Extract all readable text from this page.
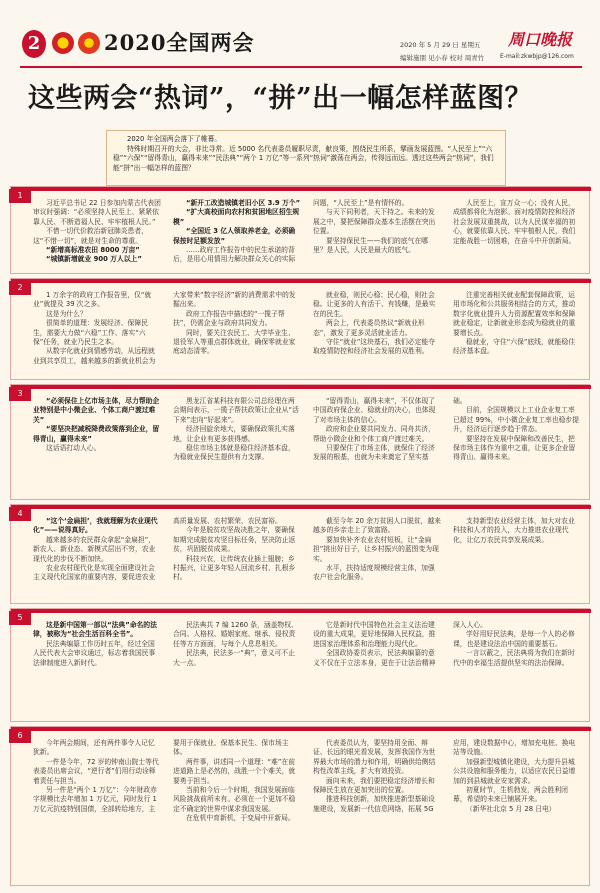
2	2020全国两会	2020 年 5 月 29 日 星期五
编辑施朋 见小春 校对 周青竹
周口晚报
E-mail:zkwbjp@126.com
这些两会“热词”，“拼”出一幅怎样蓝图？

2020 年全国两会落下了帷幕。

特殊时期召开的大会，非比寻常。近 5000 名代表委员履职尽责，献良策，围绕民生所系，擘画发展蓝图。“人民至上”“六稳”“六保”“留得青山，赢得未来”“民法典”“两个 1 万亿”等一系列“热词”激荡在两会，传得远而远。透过这些两会“热词”，我们能“拼”出一幅怎样的蓝图？

1

习近平总书记 22 日参加内蒙古代表团审议时强调：“必须坚持人民至上、紧紧依靠人民、不断造福人民、牢牢植根人民。”

不惜一切代价救治新冠肺炎患者，这“不惜一切”，就是对生命的尊重。

“新增高标准农田 8000 万亩”

“城镇新增就业 900 万人以上”

“新开工改造城镇老旧小区 3.9 万个”

“扩大高校面向农村和贫困地区招生规模”

“全国近 3 亿人领取养老金，必须确保按时足额发放”

……政府工作报告中的民生承诺的背后，是用心用情用力解决群众关心的实际问题，“人民至上”是有情怀的。

与天下同利者，天下持之。未来的发展之中，要把保障群众基本生活摆在突出位置。

要坚持保民生——我们的底气在哪里？是人民，人民是最大的底气。

人民至上，宣万众一心；没有人民，成绩都将化为泡影。面对疫情防控和经济社会发展双重挑战，以为人民谋幸福的初心，就要依靠人民、牢牢植根人民，我们定能战胜一切困难，在奋斗中开创新局。

2

1 万余字的政府工作报告里，仅“就业”就提及 39 次之多。

这是为什么？

很简单的道理：发展经济、保障民生，需要大力做“六稳”工作、落实“六保”任务，就业乃民生之本。

从数字化就业到情感劳动，从远程就业到共享员工，越来越多的新就业机会为大家带来“数字经济”新的消费需求中的发掘出来。

政府工作报告中描述的“一揽子帮扶”，仍需企业与政府共同发力。

同时，要关注农民工、大学毕业生、退役军人等重点群体就业，确保零就业家庭动态清零。

就业稳，则民心稳；民心稳，则社会稳。让更多的人有活干、有钱赚，是最实在的民生。

两会上，代表委员热议“新就业形态”，激发了更多灵活就业活力。

守住“就业”这块基石，我们必定能夺取疫情防控和经济社会发展的双胜利。

注重完善相关就业配套保障政策，运用市场化和公共服务相结合的方式，推动数字化就业提升人力资源配置效率和保障就业稳定，让新就业形态成为稳就业的重要增长点。

稳就业，守住“六保”底线，就能稳住经济基本盘。

3

“必须保住上亿市场主体，尽力帮助企业特别是中小微企业、个体工商户渡过难关”

“要坚决把减税降费政策落到企业，留得青山，赢得未来”

这话语打动人心。

黑龙江省某科技有限公司总经理在两会期间表示，一揽子帮扶政策让企业从“活下来”走向“好起来”。

经济回旋余地大，要确保政策扎实落地，让企业有更多获得感。

稳住市场主体就是稳住经济基本盘，为稳就业保民生提供有力支撑。

“留得青山，赢得未来”，不仅体现了中国政府保企业、稳就业的决心，也体现了对市场主体的信心。

政府和企业要共同发力、同舟共济，帮助小微企业和个体工商户渡过难关。

只要保住了市场主体，就保住了经济发展的根基，也就为未来奠定了坚实基础。

目前，全国规模以上工业企业复工率已超过 99%，中小微企业复工率也稳步提升，经济运行逐步趋于常态。

要坚持在发展中保障和改善民生，把保市场主体作为重中之重，让更多企业留得青山、赢得未来。

4

“这个‘金扁担’，我就理解为农业现代化”——说得真好。

越来越多的农民群众拿起“金扁担”，新农人、新业态、新模式层出不穷，农业现代化的步伐不断加快。

农业农村现代化是实现全面建设社会主义现代化国家的重要内容，要促进农业高质量发展、农村繁荣、农民富裕。

今年是脱贫攻坚战决胜之年，要确保如期完成脱贫攻坚目标任务，坚决防止返贫，巩固脱贫成果。

科技兴农，让传统农业插上翅膀；乡村振兴，让更多年轻人回流乡村、扎根乡村。

截至今年 20 余万贫困人口脱贫，越来越多的乡亲走上了致富路。

要加快补齐农业农村短板，让“金扁担”挑出好日子，让乡村振兴的蓝图变为现实。

水平，扶持适度规模经营主体，加强农户社会化服务。

支持新型农业经营主体，加大对农业科技和人才的投入，大力推进农业现代化，让亿万农民共享发展成果。

5

这是新中国第一部以“法典”命名的法律，被称为“社会生活百科全书”。

民法典编纂工作历时五年，经过全国人民代表大会审议通过，标志着我国民事法律制度进入新时代。

民法典共 7 编 1260 条，涵盖物权、合同、人格权、婚姻家庭、继承、侵权责任等方方面面，与每个人息息相关。

民法典，民法多一“典”，意义可不止大一点。

它是新时代中国特色社会主义法治建设的重大成果，更好地保障人民权益，推进国家治理体系和治理能力现代化。

全国政协委员表示，民法典编纂的意义不仅在于立法本身，更在于让法治精神深入人心。

学好用好民法典，是每一个人的必修课，也是建设法治中国的重要基石。

一言以蔽之，民法典将为我们在新时代中的幸福生活提供坚实的法治保障。

6

今年两会期间，还有两件事令人记忆犹新。

一件是今年，72 岁的钟南山院士等代表委员出席会议，“逆行者”们用行动诠释着责任与担当。

另一件是“两个 1 万亿”：今年财政赤字规模比去年增加 1 万亿元，同时发行 1 万亿元抗疫特别国债，全部转给地方，主要用于保就业、保基本民生、保市场主体。

两件事，讲述同一个道理：“难”在前进道路上是必然的，战胜一个个难关，就要勇于担当。

当前和今后一个时期，我国发展面临风险挑战前所未有。必须在一个更加不稳定不确定的世界中谋求我国发展。

在危机中育新机，于变局中开新局。

代表委员认为，要坚持用全面、辩证、长远的眼光看发展，发挥我国作为世界最大市场的潜力和作用，明确供给侧结构性改革主线，扩大有效投资。

面向未来，我们要把稳定经济增长和保障民生放在更加突出的位置。

推进科技创新，加快推进新型基础设施建设，发展新一代信息网络，拓展 5G 应用，建设数据中心，增加充电桩、换电站等设施。

加强新型城镇化建设，大力提升县城公共设施和服务能力，以适应农民日益增加的到县城就业安家需求。

初夏时节，生机勃发，两会胜利闭幕，希望的未来已铺展开来。

（新华社北京 5 月 28 日电）
